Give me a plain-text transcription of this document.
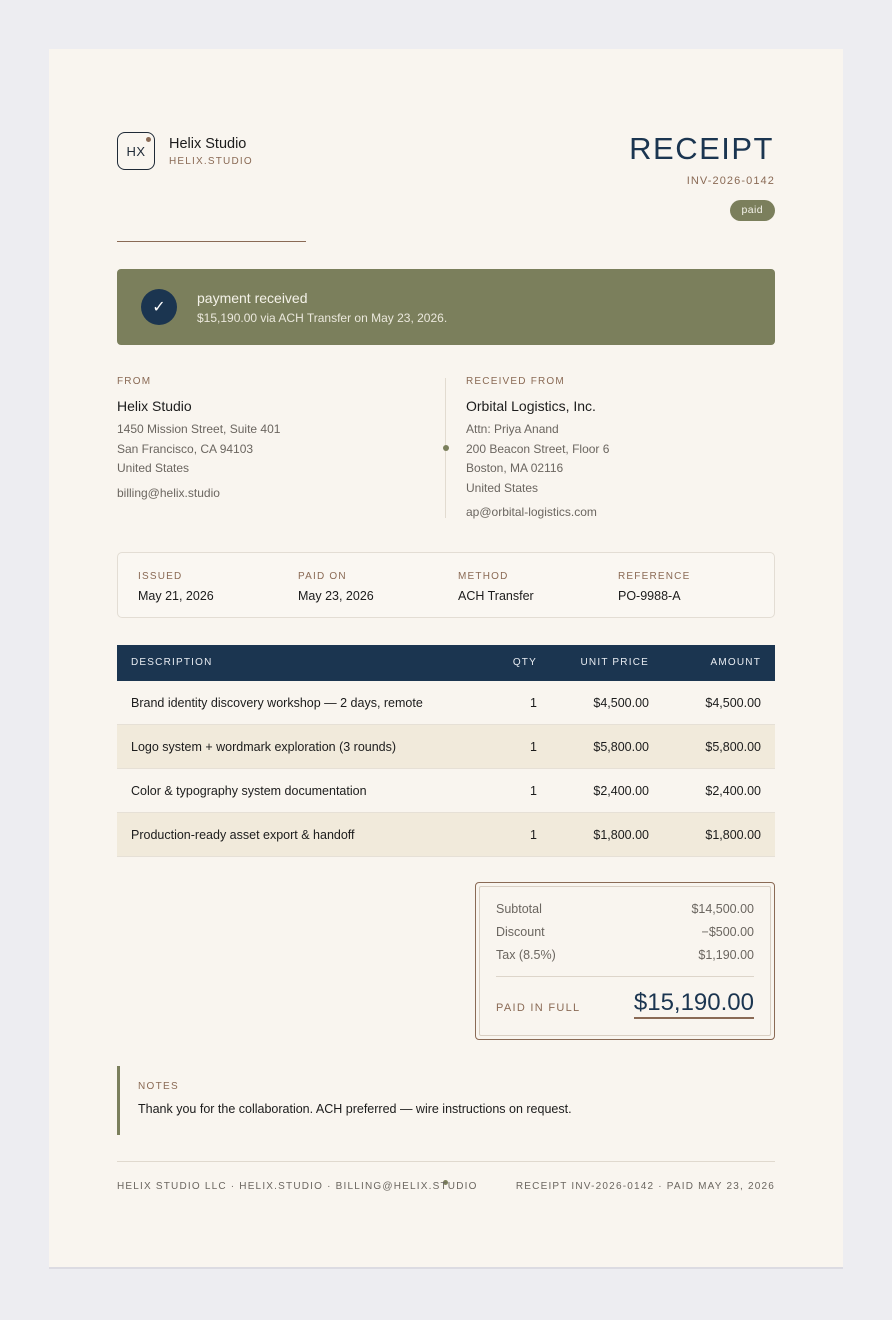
HX Helix Studio
HELIX.STUDIO	RECEIPT
INV-2026-0142
paid
✓
payment received
$15,190.00 via ACH Transfer on May 23, 2026.
FROM
Helix Studio
1450 Mission Street, Suite 401
San Francisco, CA 94103
United States
billing@helix.studio
RECEIVED FROM
Orbital Logistics, Inc.
Attn: Priya Anand
200 Beacon Street, Floor 6
Boston, MA 02116
United States
ap@orbital-logistics.com
ISSUED
May 21, 2026
PAID ON
May 23, 2026
METHOD
ACH Transfer
REFERENCE
PO-9988-A
DESCRIPTION	QTY	UNIT PRICE	AMOUNT
Brand identity discovery workshop — 2 days, remote	1	$4,500.00	$4,500.00
Logo system + wordmark exploration (3 rounds)	1	$5,800.00	$5,800.00
Color & typography system documentation	1	$2,400.00	$2,400.00
Production-ready asset export & handoff	1	$1,800.00	$1,800.00
Subtotal	$14,500.00
Discount	−$500.00
Tax (8.5%)	$1,190.00
PAID IN FULL $15,190.00
NOTES
Thank you for the collaboration. ACH preferred — wire instructions on request.
HELIX STUDIO LLC · HELIX.STUDIO · BILLING@HELIX.STUDIO	RECEIPT INV-2026-0142 · PAID MAY 23, 2026
